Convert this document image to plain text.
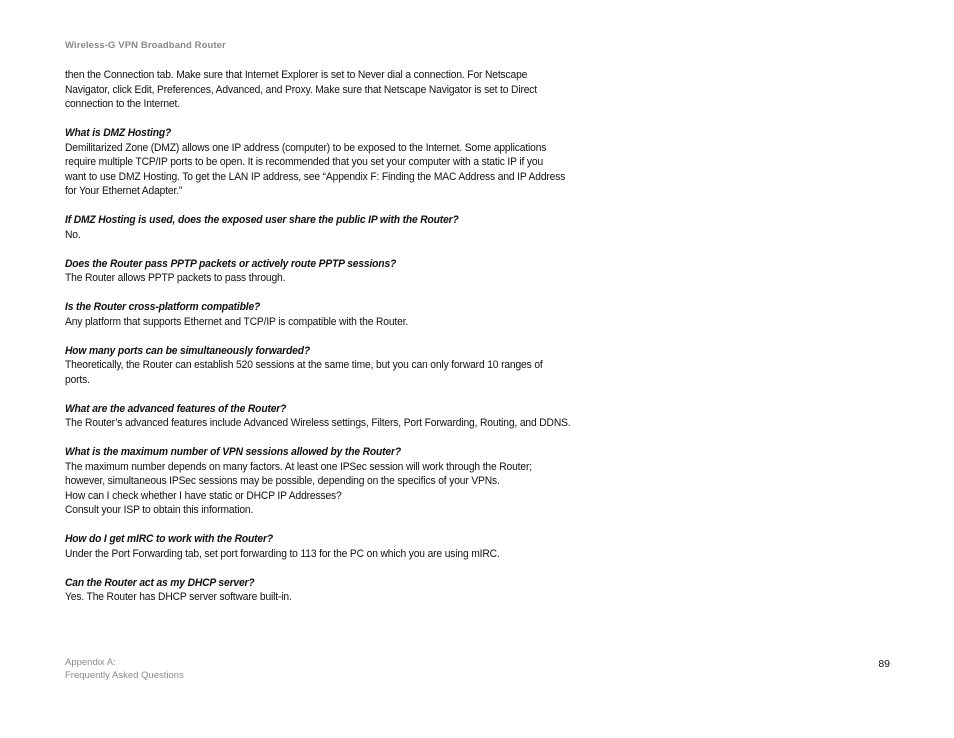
Wireless-G VPN Broadband Router

then the Connection tab. Make sure that Internet Explorer is set to Never dial a connection. For Netscape

Navigator, click Edit, Preferences, Advanced, and Proxy. Make sure that Netscape Navigator is set to Direct

connection to the Internet.

What is DMZ Hosting?

Demilitarized Zone (DMZ) allows one IP address (computer) to be exposed to the Internet. Some applications

require multiple TCP/IP ports to be open. It is recommended that you set your computer with a static IP if you

want to use DMZ Hosting. To get the LAN IP address, see “Appendix F: Finding the MAC Address and IP Address

for Your Ethernet Adapter.”

If DMZ Hosting is used, does the exposed user share the public IP with the Router?

No.

Does the Router pass PPTP packets or actively route PPTP sessions?

The Router allows PPTP packets to pass through.

Is the Router cross-platform compatible?

Any platform that supports Ethernet and TCP/IP is compatible with the Router.

How many ports can be simultaneously forwarded?

Theoretically, the Router can establish 520 sessions at the same time, but you can only forward 10 ranges of

ports.

What are the advanced features of the Router?

The Router’s advanced features include Advanced Wireless settings, Filters, Port Forwarding, Routing, and DDNS.

What is the maximum number of VPN sessions allowed by the Router?

The maximum number depends on many factors. At least one IPSec session will work through the Router;

however, simultaneous IPSec sessions may be possible, depending on the specifics of your VPNs.

How can I check whether I have static or DHCP IP Addresses?

Consult your ISP to obtain this information.

How do I get mIRC to work with the Router?

Under the Port Forwarding tab, set port forwarding to 113 for the PC on which you are using mIRC.

Can the Router act as my DHCP server?

Yes. The Router has DHCP server software built-in.

Appendix A:
Frequently Asked Questions
89
